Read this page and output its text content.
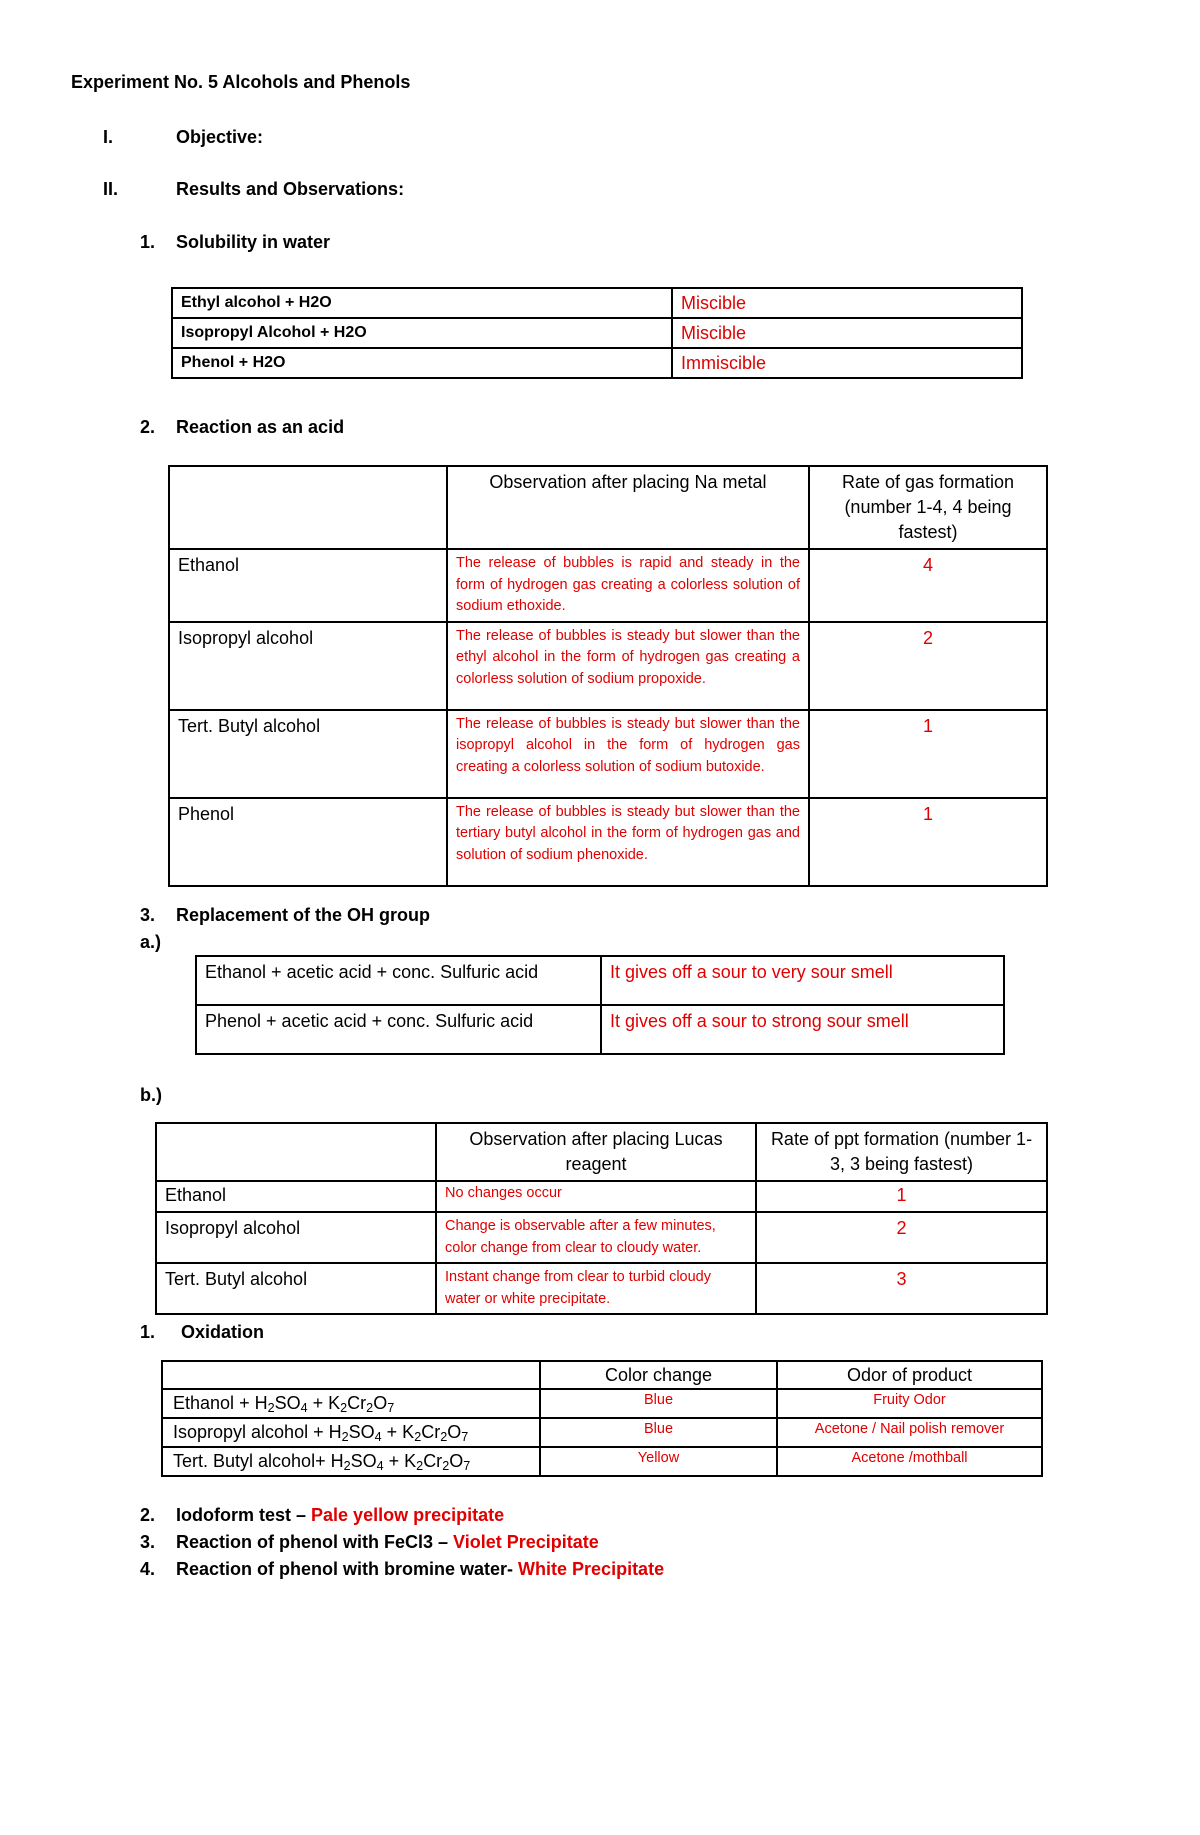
Experiment No. 5 Alcohols and Phenols
I.	Objective:
II.	Results and Observations:
1. Solubility in water
Ethyl alcohol + H2O	Miscible
Isopropyl Alcohol + H2O	Miscible
Phenol + H2O	Immiscible
2. Reaction as an acid
	Observation after placing Na metal	Rate of gas formation (number 1-4, 4 being fastest)
Ethanol	The release of bubbles is rapid and steady in the form of hydrogen gas creating a colorless solution of sodium ethoxide.	4
Isopropyl alcohol	The release of bubbles is steady but slower than the ethyl alcohol in the form of hydrogen gas creating a colorless solution of sodium propoxide.	2
Tert. Butyl alcohol	The release of bubbles is steady but slower than the isopropyl alcohol in the form of hydrogen gas creating a colorless solution of sodium butoxide.	1
Phenol	The release of bubbles is steady but slower than the tertiary butyl alcohol in the form of hydrogen gas and solution of sodium phenoxide.	1
3. Replacement of the OH group
a.)
Ethanol + acetic acid + conc. Sulfuric acid	It gives off a sour to very sour smell
Phenol + acetic acid + conc. Sulfuric acid	It gives off a sour to strong sour smell
b.)
	Observation after placing Lucas reagent	Rate of ppt formation (number 1-3, 3 being fastest)
Ethanol	No changes occur	1
Isopropyl alcohol	Change is observable after a few minutes, color change from clear to cloudy water.	2
Tert. Butyl alcohol	Instant change from clear to turbid cloudy water or white precipitate.	3
1. Oxidation
	Color change	Odor of product
Ethanol + $H_2SO_4 + K_2Cr_2O_7$	Blue	Fruity Odor
Isopropyl alcohol + $H_2SO_4 + K_2Cr_2O_7$	Blue	Acetone / Nail polish remover
Tert. Butyl alcohol+ $H_2SO_4 + K_2Cr_2O_7$	Yellow	Acetone /mothball
2. Iodoform test – Pale yellow precipitate
3. Reaction of phenol with FeCl3 – Violet Precipitate
4. Reaction of phenol with bromine water- White Precipitate
